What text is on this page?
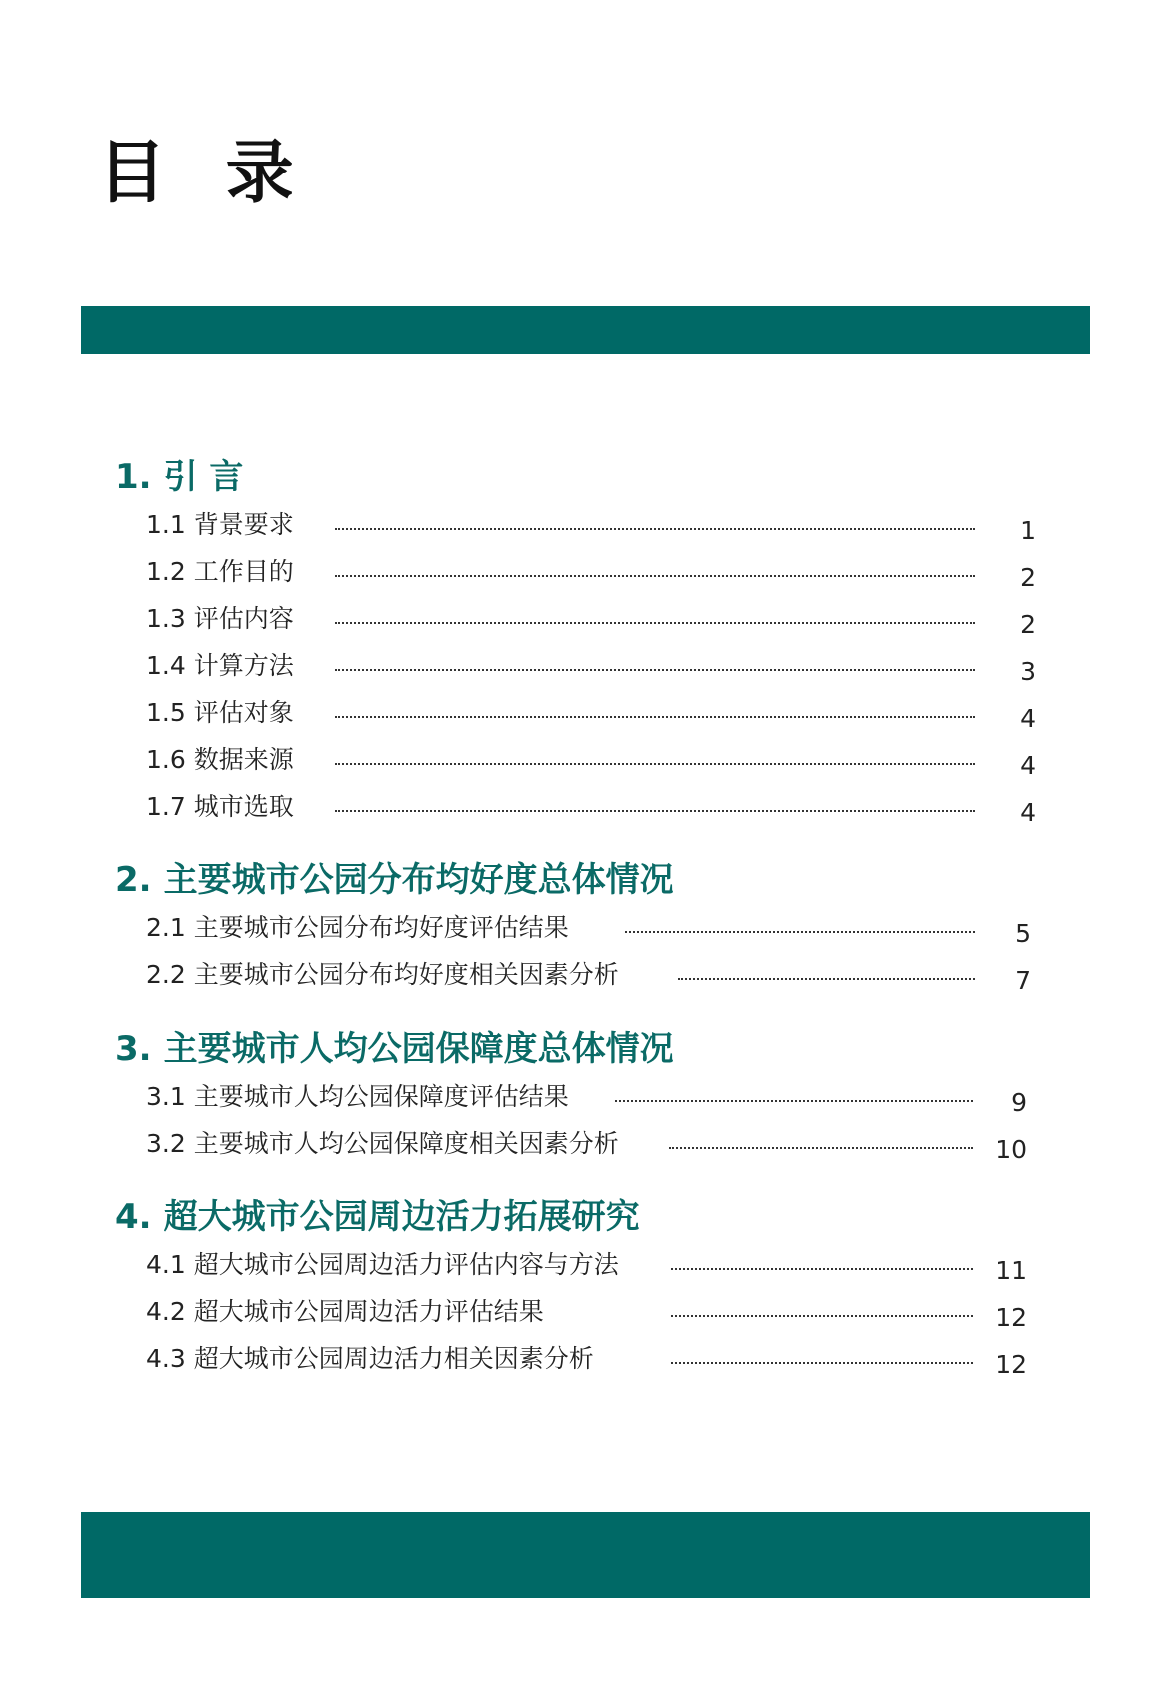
目 录
1. 引 言
1.1 背景要求	1
1.2 工作目的	2
1.3 评估内容	2
1.4 计算方法	3
1.5 评估对象	4
1.6 数据来源	4
1.7 城市选取	4
2. 主要城市公园分布均好度总体情况
2.1 主要城市公园分布均好度评估结果	5
2.2 主要城市公园分布均好度相关因素分析	7
3. 主要城市人均公园保障度总体情况
3.1 主要城市人均公园保障度评估结果	9
3.2 主要城市人均公园保障度相关因素分析	10
4. 超大城市公园周边活力拓展研究
4.1 超大城市公园周边活力评估内容与方法	11
4.2 超大城市公园周边活力评估结果	12
4.3 超大城市公园周边活力相关因素分析	12
